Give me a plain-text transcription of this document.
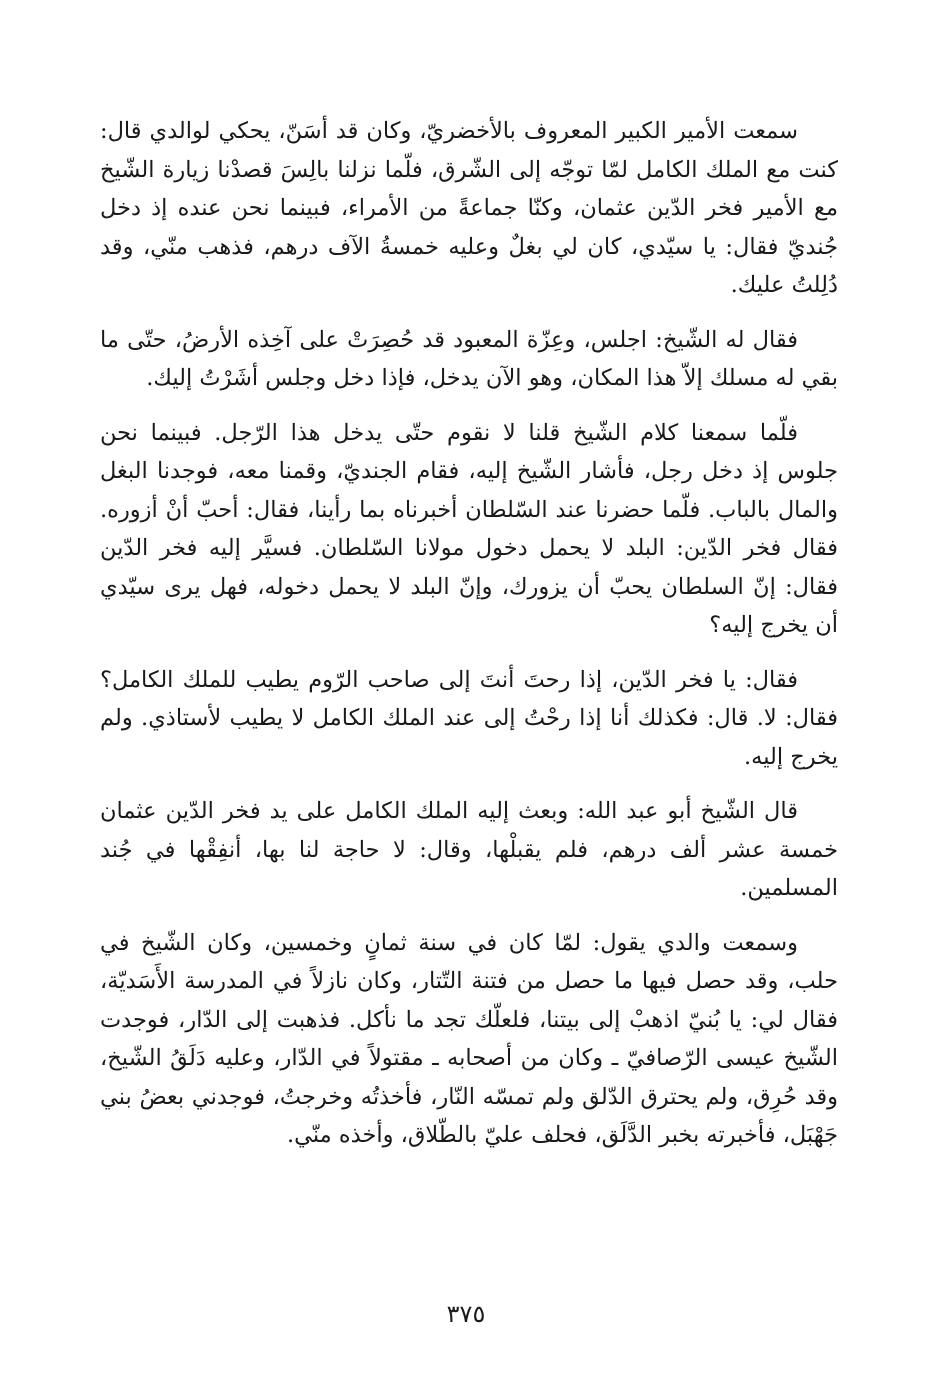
سمعت الأمير الكبير المعروف بالأخضريّ، وكان قد أسَنّ، يحكي لوالدي قال: كنت مع الملك الكامل لمّا توجّه إلى الشّرق، فلّما نزلنا بالِسَ قصدْنا زيارة الشّيخ مع الأمير فخر الدّين عثمان، وكنّا جماعةً من الأمراء، فبينما نحن عنده إذ دخل جُنديّ فقال: يا سيّدي، كان لي بغلٌ وعليه خمسةُ الآف درهم، فذهب منّي، وقد دُلِلتُ عليك.

فقال له الشّيخ: اجلس، وعِزّة المعبود قد حُصِرَتْ على آخِذه الأرضُ، حتّى ما بقي له مسلك إلاّ هذا المكان، وهو الآن يدخل، فإذا دخل وجلس أشَرْتُ إليك.

فلّما سمعنا كلام الشّيخ قلنا لا نقوم حتّى يدخل هذا الرّجل. فبينما نحن جلوس إذ دخل رجل، فأشار الشّيخ إليه، فقام الجنديّ، وقمنا معه، فوجدنا البغل والمال بالباب. فلّما حضرنا عند السّلطان أخبرناه بما رأينا، فقال: أحبّ أنْ أزوره. فقال فخر الدّين: البلد لا يحمل دخول مولانا السّلطان. فسيَّر إليه فخر الدّين فقال: إنّ السلطان يحبّ أن يزورك، وإنّ البلد لا يحمل دخوله، فهل يرى سيّدي أن يخرج إليه؟

فقال: يا فخر الدّين، إذا رحتَ أنتَ إلى صاحب الرّوم يطيب للملك الكامل؟ فقال: لا. قال: فكذلك أنا إذا رحْتُ إلى عند الملك الكامل لا يطيب لأستاذي. ولم يخرج إليه.

قال الشّيخ أبو عبد الله: وبعث إليه الملك الكامل على يد فخر الدّين عثمان خمسة عشر ألف درهم، فلم يقبلْها، وقال: لا حاجة لنا بها، أنفِقْها في جُند المسلمين.

وسمعت والدي يقول: لمّا كان في سنة ثمانٍ وخمسين، وكان الشّيخ في حلب، وقد حصل فيها ما حصل من فتنة التّتار، وكان نازلاً في المدرسة الأَسَديّة، فقال لي: يا بُنيّ اذهبْ إلى بيتنا، فلعلّك تجد ما نأكل. فذهبت إلى الدّار، فوجدت الشّيخ عيسى الرّصافيّ ـ وكان من أصحابه ـ مقتولاً في الدّار، وعليه دَلَقُ الشّيخ، وقد حُرِق، ولم يحترق الدّلق ولم تمسّه النّار، فأخذتُه وخرجتُ، فوجدني بعضُ بني جَهْبَل، فأخبرته بخبر الدَّلَق، فحلف عليّ بالطّلاق، وأخذه منّي.

٣٧٥
